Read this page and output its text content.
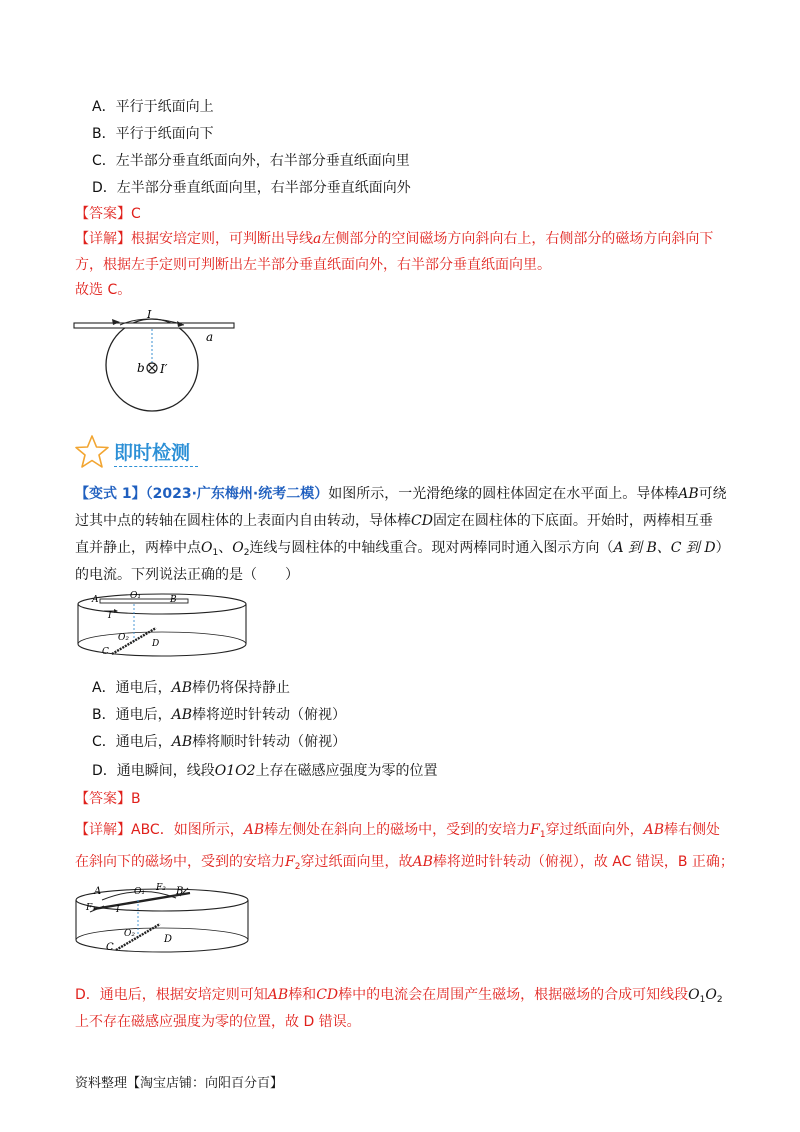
A．平行于纸面向上
B．平行于纸面向下
C．左半部分垂直纸面向外，右半部分垂直纸面向里
D．左半部分垂直纸面向里，右半部分垂直纸面向外
【答案】C
【详解】根据安培定则，可判断出导线a左侧部分的空间磁场方向斜向右上，右侧部分的磁场方向斜向下
方，根据左手定则可判断出左半部分垂直纸面向外，右半部分垂直纸面向里。
故选 C。
I
a
b I′
即时检测
【变式 1】（2023·广东梅州·统考二模）如图所示，一光滑绝缘的圆柱体固定在水平面上。导体棒AB可绕
过其中点的转轴在圆柱体的上表面内自由转动，导体棒CD固定在圆柱体的下底面。开始时，两棒相互垂
直并静止，两棒中点$O_1$、$O_2$连线与圆柱体的中轴线重合。现对两棒同时通入图示方向（A 到 B、C 到 D）
的电流。下列说法正确的是（　　）
A	O₁	B
I
O₂
C
D
A．通电后，AB棒仍将保持静止
B．通电后，AB棒将逆时针转动（俯视）
C．通电后，AB棒将顺时针转动（俯视）
D．通电瞬间，线段O1O2上存在磁感应强度为零的位置
【答案】B
【详解】ABC．如图所示，AB棒左侧处在斜向上的磁场中，受到的安培力$F_1$穿过纸面向外，AB棒右侧处
在斜向下的磁场中，受到的安培力$F_2$穿过纸面向里，故AB棒将逆时针转动（俯视），故 AC 错误，B 正确；
A	O₁ F₂ B
F₁ I
O₂
C
D
D．通电后，根据安培定则可知AB棒和CD棒中的电流会在周围产生磁场，根据磁场的合成可知线段$O_1O_2$
上不存在磁感应强度为零的位置，故 D 错误。
资料整理【淘宝店铺：向阳百分百】
